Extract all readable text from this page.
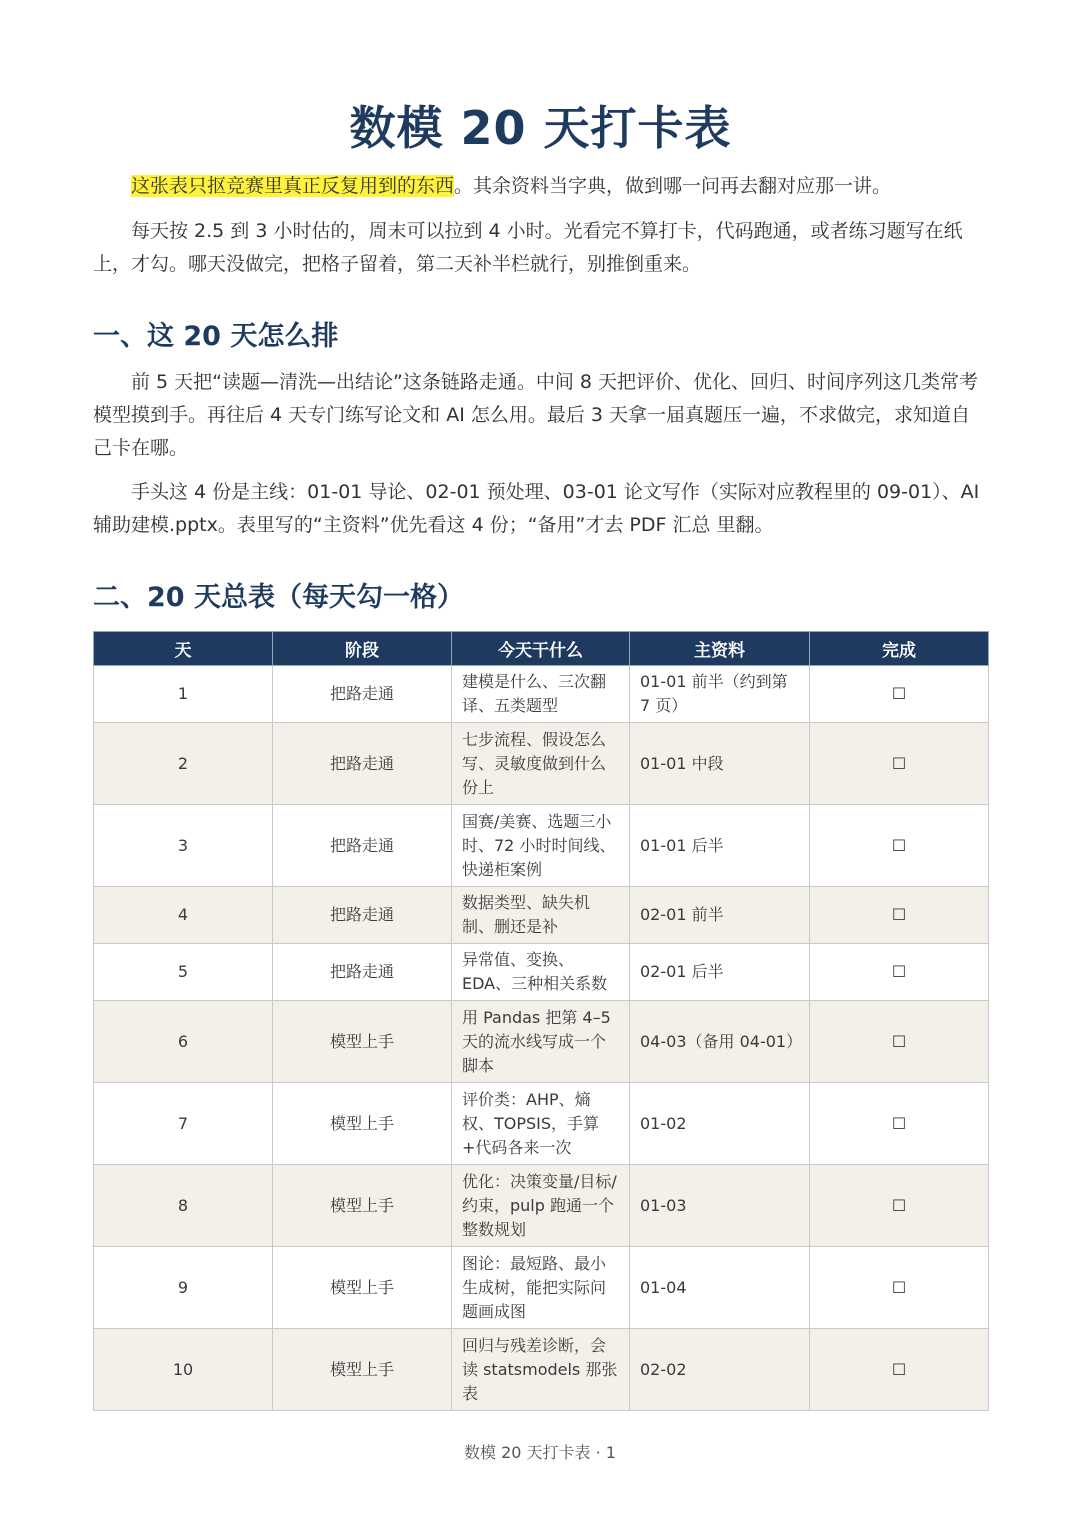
数模 20 天打卡表

这张表只抠竞赛里真正反复用到的东西。其余资料当字典，做到哪一问再去翻对应那一讲。

每天按 2.5 到 3 小时估的，周末可以拉到 4 小时。光看完不算打卡，代码跑通，或者练习题写在纸上，才勾。哪天没做完，把格子留着，第二天补半栏就行，别推倒重来。

一、这 20 天怎么排

前 5 天把“读题—清洗—出结论”这条链路走通。中间 8 天把评价、优化、回归、时间序列这几类常考模型摸到手。再往后 4 天专门练写论文和 AI 怎么用。最后 3 天拿一届真题压一遍，不求做完，求知道自己卡在哪。

手头这 4 份是主线：01-01 导论、02-01 预处理、03-01 论文写作（实际对应教程里的 09-01）、AI 辅助建模.pptx。表里写的“主资料”优先看这 4 份；“备用”才去 PDF 汇总 里翻。

二、20 天总表（每天勾一格）
天	阶段	今天干什么	主资料	完成
1	把路走通	建模是什么、三次翻译、五类题型	01-01 前半（约到第 7 页）	☐
2	把路走通	七步流程、假设怎么写、灵敏度做到什么份上	01-01 中段	☐
3	把路走通	国赛/美赛、选题三小时、72 小时时间线、快递柜案例	01-01 后半	☐
4	把路走通	数据类型、缺失机制、删还是补	02-01 前半	☐
5	把路走通	异常值、变换、EDA、三种相关系数	02-01 后半	☐
6	模型上手	用 Pandas 把第 4–5 天的流水线写成一个脚本	04-03（备用 04-01）	☐
7	模型上手	评价类：AHP、熵权、TOPSIS，手算+代码各来一次	01-02	☐
8	模型上手	优化：决策变量/目标/约束，pulp 跑通一个整数规划	01-03	☐
9	模型上手	图论：最短路、最小生成树，能把实际问题画成图	01-04	☐
10	模型上手	回归与残差诊断，会读 statsmodels 那张表	02-02	☐
数模 20 天打卡表 · 1
